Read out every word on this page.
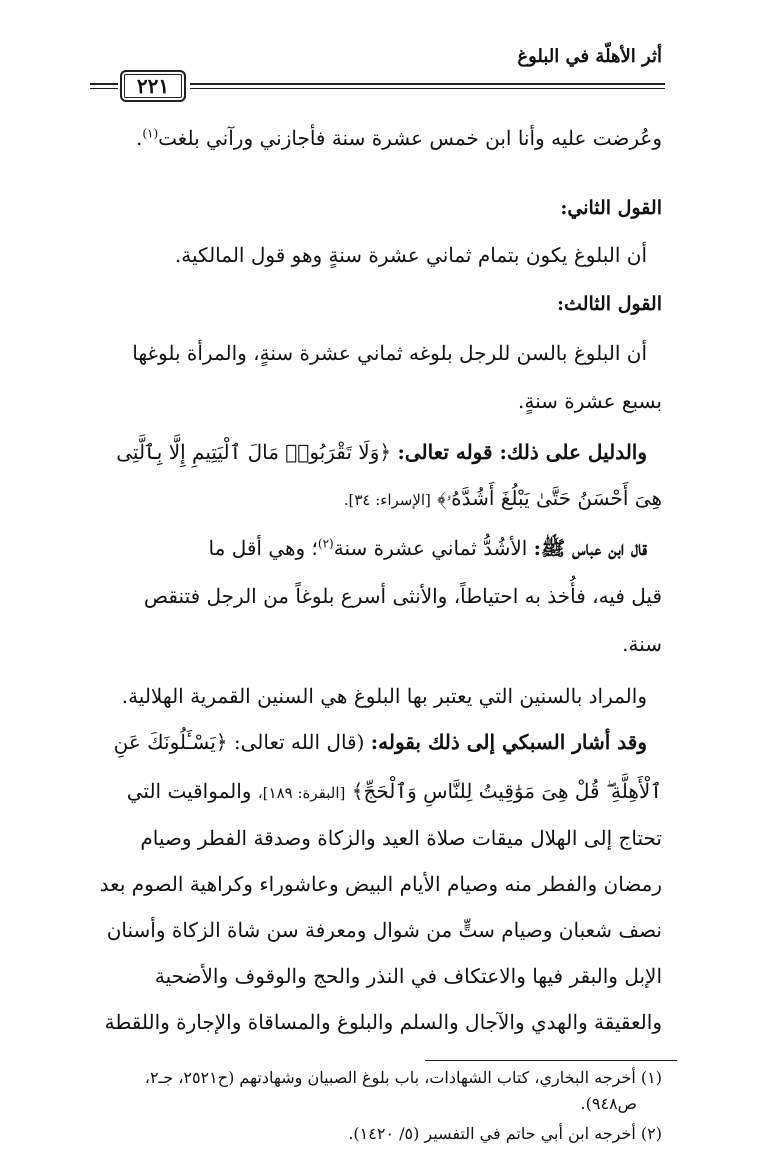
أثر الأهلّة في البلوغ
٢٢١
وعُرضت عليه وأنا ابن خمس عشرة سنة فأجازني ورآني بلغت$^{(١)}$.
القول الثاني:
أن البلوغ يكون بتمام ثماني عشرة سنةٍ وهو قول المالكية.
القول الثالث:
أن البلوغ بالسن للرجل بلوغه ثماني عشرة سنةٍ، والمرأة بلوغها
بسبع عشرة سنةٍ.
والدليل على ذلك: قوله تعالى: ﴿وَلَا تَقْرَبُوا۟ مَالَ ٱلْيَتِيمِ إِلَّا بِٱلَّتِى
هِىَ أَحْسَنُ حَتَّىٰ يَبْلُغَ أَشُدَّهُۥ﴾ [الإسراء: ٣٤].
قال ابن عباس ﷺ: الأشُدُّ ثماني عشرة سنة$^{(٢)}$؛ وهي أقل ما
قيل فيه، فأُخذ به احتياطاً، والأنثى أسرع بلوغاً من الرجل فتنقص
سنة.
والمراد بالسنين التي يعتبر بها البلوغ هي السنين القمرية الهلالية.
وقد أشار السبكي إلى ذلك بقوله: (قال الله تعالى: ﴿يَسْـَٔلُونَكَ عَنِ
ٱلْأَهِلَّةِ ۖ قُلْ هِىَ مَوَٰقِيتُ لِلنَّاسِ وَٱلْحَجِّ﴾ [البقرة: ١٨٩]، والمواقيت التي
تحتاج إلى الهلال ميقات صلاة العيد والزكاة وصدقة الفطر وصيام
رمضان والفطر منه وصيام الأيام البيض وعاشوراء وكراهية الصوم بعد
نصف شعبان وصيام ستٍّ من شوال ومعرفة سن شاة الزكاة وأسنان
الإبل والبقر فيها والاعتكاف في النذر والحج والوقوف والأضحية
والعقيقة والهدي والآجال والسلم والبلوغ والمساقاة والإجارة واللقطة
(١) أخرجه البخاري، كتاب الشهادات، باب بلوغ الصبيان وشهادتهم (ح٢٥٢١، جـ٢،
ص٩٤٨).
(٢) أخرجه ابن أبي حاتم في التفسير (٥/ ١٤٢٠).
